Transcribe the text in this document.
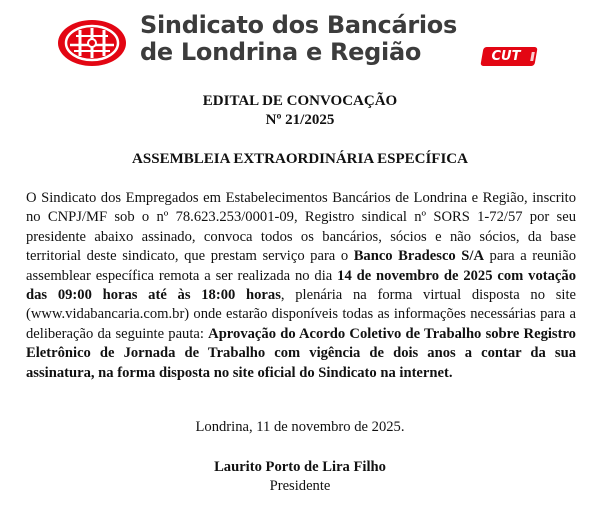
Sindicato dos Bancários
de Londrina e Região	CUT
EDITAL DE CONVOCAÇÃO
Nº 21/2025
ASSEMBLEIA EXTRAORDINÁRIA ESPECÍFICA
O Sindicato dos Empregados em Estabelecimentos Bancários de Londrina e Região, inscrito no CNPJ/MF sob o nº 78.623.253/0001-09, Registro sindical nº SORS 1-72/57 por seu presidente abaixo assinado, convoca todos os bancários, sócios e não sócios, da base territorial deste sindicato, que prestam serviço para o Banco Bradesco S/A para a reunião assemblear específica remota a ser realizada no dia 14 de novembro de 2025 com votação das 09:00 horas até às 18:00 horas, plenária na forma virtual disposta no site (www.vidabancaria.com.br) onde estarão disponíveis todas as informações necessárias para a deliberação da seguinte pauta: Aprovação do Acordo Coletivo de Trabalho sobre Registro Eletrônico de Jornada de Trabalho com vigência de dois anos a contar da sua assinatura, na forma disposta no site oficial do Sindicato na internet.
Londrina, 11 de novembro de 2025.
Laurito Porto de Lira Filho
Presidente
